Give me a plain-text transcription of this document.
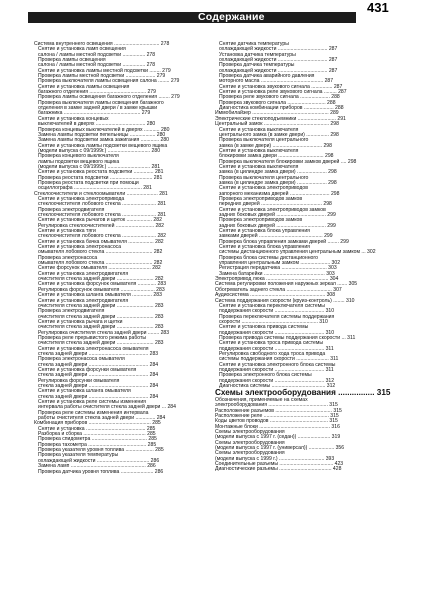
Содержание
431
Система внутреннего освещения ................................ 278
Снятие и установка ламп освещения
салона / лампы местной подсветки ................ 278
Проверка лампы освещения
салона / лампы местной подсветки ................ 278
Снятие и установка лампы местной подсветки ........ 279
Проверка лампы местной подсветки ..................... 279
Проверка выключателя лампы освещения салона ........ 279
Снятие и установка лампы освещения
багажного отделения ........................................ 279
Проверка лампы освещения багажного отделения ........ 279
Проверка выключателя лампы освещения багажного
отделения в замке задней двери / в замке крышки
багажника ...................................................... 279
Снятие и установка концевых
выключателей в дверях ................................... 280
Проверка концевых выключателей в дверях ........... 280
Замена лампы подсветки пепельницы .................. 280
Замена лампы подсветки замка зажигания ............. 280
Снятие и установка лампы подсветки вещевого ящика
(модели выпуска с 09/1999г.) .............................. 280
Проверка концевого выключателя
лампы подсветки вещевого ящика
(модели выпуска с 09/1999г.) .............................. 281
Снятие и установка реостата подсветки .............. 281
Проверка реостата подсветки .............................. 281
Проверка реостата подсветки при помощи
осциллографа ................................................ 281
Стеклоочистители и стеклоомыватели ...................... 281
Снятие и установка электропривода
стеклоочистителя лобового стекла ........................ 281
Проверка электродвигателя
стеклоочистителя лобового стекла ........................ 281
Снятие и установка рычагов и щеток .................. 282
Регулировка стеклоочистителей ........................... 282
Снятие и установка тяги
стеклоочистителя лобового стекла ........................ 282
Снятие и установка бачка омывателя .................. 282
Снятие и установка электронасоса
омывателя лобового стекла ................................. 282
Проверка электронасоса
омывателя лобового стекла ................................. 282
Снятие форсунок омывателя .............................. 282
Снятие и установка электродвигателя
очистителя стекла задней двери .......................... 282
Снятие и установка форсунок омывателя ............. 283
Регулировка форсунок омывателя ........................ 283
Снятие и установка шланга омывателя .............. 283
Снятие и установка электродвигателя
очистителя стекла задней двери .......................... 283
Проверка электродвигателя
очистителя стекла задней двери .......................... 283
Снятие и установка рычага и щетки
очистителя стекла задней двери .......................... 283
Регулировка очистителя стекла задней двери ........ 283
Проверка реле прерывистого режима работы
очистителя стекла задней двери .......................... 283
Снятие и установка электронасоса омывателя
стекла задней двери .......................................... 283
Проверка электронасоса омывателя
стекла задней двери .......................................... 284
Снятие и установка форсунки омывателя
стекла задней двери .......................................... 284
Регулировка форсунки омывателя
стекла задней двери .......................................... 284
Снятие и установка шланга омывателя
стекла задней двери .......................................... 284
Снятие и установка реле системы изменения
интервала работы очистителя стекла задней двери ... 284
Проверка реле системы изменения интервала
работы очистителя стекла задней двери .............. 284
Комбинация приборов ............................................ 285
Снятие и установка .......................................... 285
Разборка и сборка ............................................ 285
Проверка спидометра ....................................... 285
Проверка тахометра ......................................... 285
Проверка указателя уровня топлива .................... 285
Проверка указателя температуры
охлаждающей жидкости ..................................... 286
Замена ламп ..................................................... 286
Проверка датчика уровня топлива ....................... 286
Снятие датчика температуры
охлаждающей жидкости ................................... 287
Установка датчика температуры
охлаждающей жидкости ................................... 287
Проверка датчика температуры
охлаждающей жидкости ................................... 287
Проверка датчика аварийного давления
моторного масла ............................................ 287
Снятие и установка звукового сигнала ............... 287
Снятие и установка реле звукового сигнала ......... 287
Проверка реле звукового сигнала ..................... 288
Проверка звукового сигнала ........................... 288
Диагностика комбинации приборов ..................... 288
Иммобилайзер ...................................................... 289
Электрические стеклоподъемники ........................... 291
Центральный замок .............................................. 298
Снятие и установка выключателя
центрального замка (в замке двери) ................ 298
Проверка выключателя центрального
замка (в замке двери) ................................... 298
Снятие и установка выключателя
блокировки замка двери ................................ 298
Проверка выключателя блокировки замков дверей .... 298
Снятие и установка выключателя
замка (в цилиндре замка двери) ..................... 298
Проверка выключателя центрального
замка (в цилиндре замка двери) ..................... 298
Снятие и установка электроприводов
запорного механизма дверей ............................ 298
Проверка электроприводов замков
передних дверей ........................................... 298
Снятие и установка электроприводов замков
задних боковых дверей ................................... 299
Проверка электроприводов замков
задних боковых дверей ................................... 299
Снятие и установка блока управления
замками дверей ............................................. 299
Проверка блока управления замками дверей ........ 299
Снятие и установка блока управления
системы дистанционного управления центральным замком ... 302
Проверка блока системы дистанционного
управления центральным замком ..................... 302
Регистрация передатчика ................................ 303
Замена батарейки ........................................... 303
Электропривод люка ............................................ 304
Система регулировки положения наружных зеркал ....... 305
Обогреватель заднего стекла ................................ 307
Аудиосистема ..................................................... 308
Система поддержания скорости (круиз-контроль) ........ 310
Снятие и установка переключателя системы
поддержания скорости ................................... 310
Проверка переключателя системы поддержания
скорости ...................................................... 310
Снятие и установка привода системы
поддержания скорости ................................... 310
Проверка привода системы поддержания скорости ... 311
Снятие и установка троса привода системы
поддержания скорости ................................... 311
Регулировка свободного хода троса привода
системы поддержания скорости ....................... 311
Снятие и установка электронного блока системы
поддержания скорости ................................... 311
Проверка электронного блока системы
поддержания скорости ................................... 312
Диагностика системы ...................................... 312
Схемы электрооборудования ................ 315
Обозначения, применяемые на схемах
электрооборудования .......................................... 315
Расположение разъемов ........................................ 315
Расположение реле .............................................. 315
Коды цветов проводов ......................................... 315
Монтажные блоки .................................................. 316
Схемы электрооборудования
(модели выпуска с 1997 г. (седан)) ....................... 319
Схемы электрооборудования
(модели выпуска с 1997 г. (универсал)) .................. 356
Схемы электрооборудования
(модели выпуска с 1999 г.) ................................ 393
Соединительные разъемы ...................................... 423
Диагностические разъемы ..................................... 428
